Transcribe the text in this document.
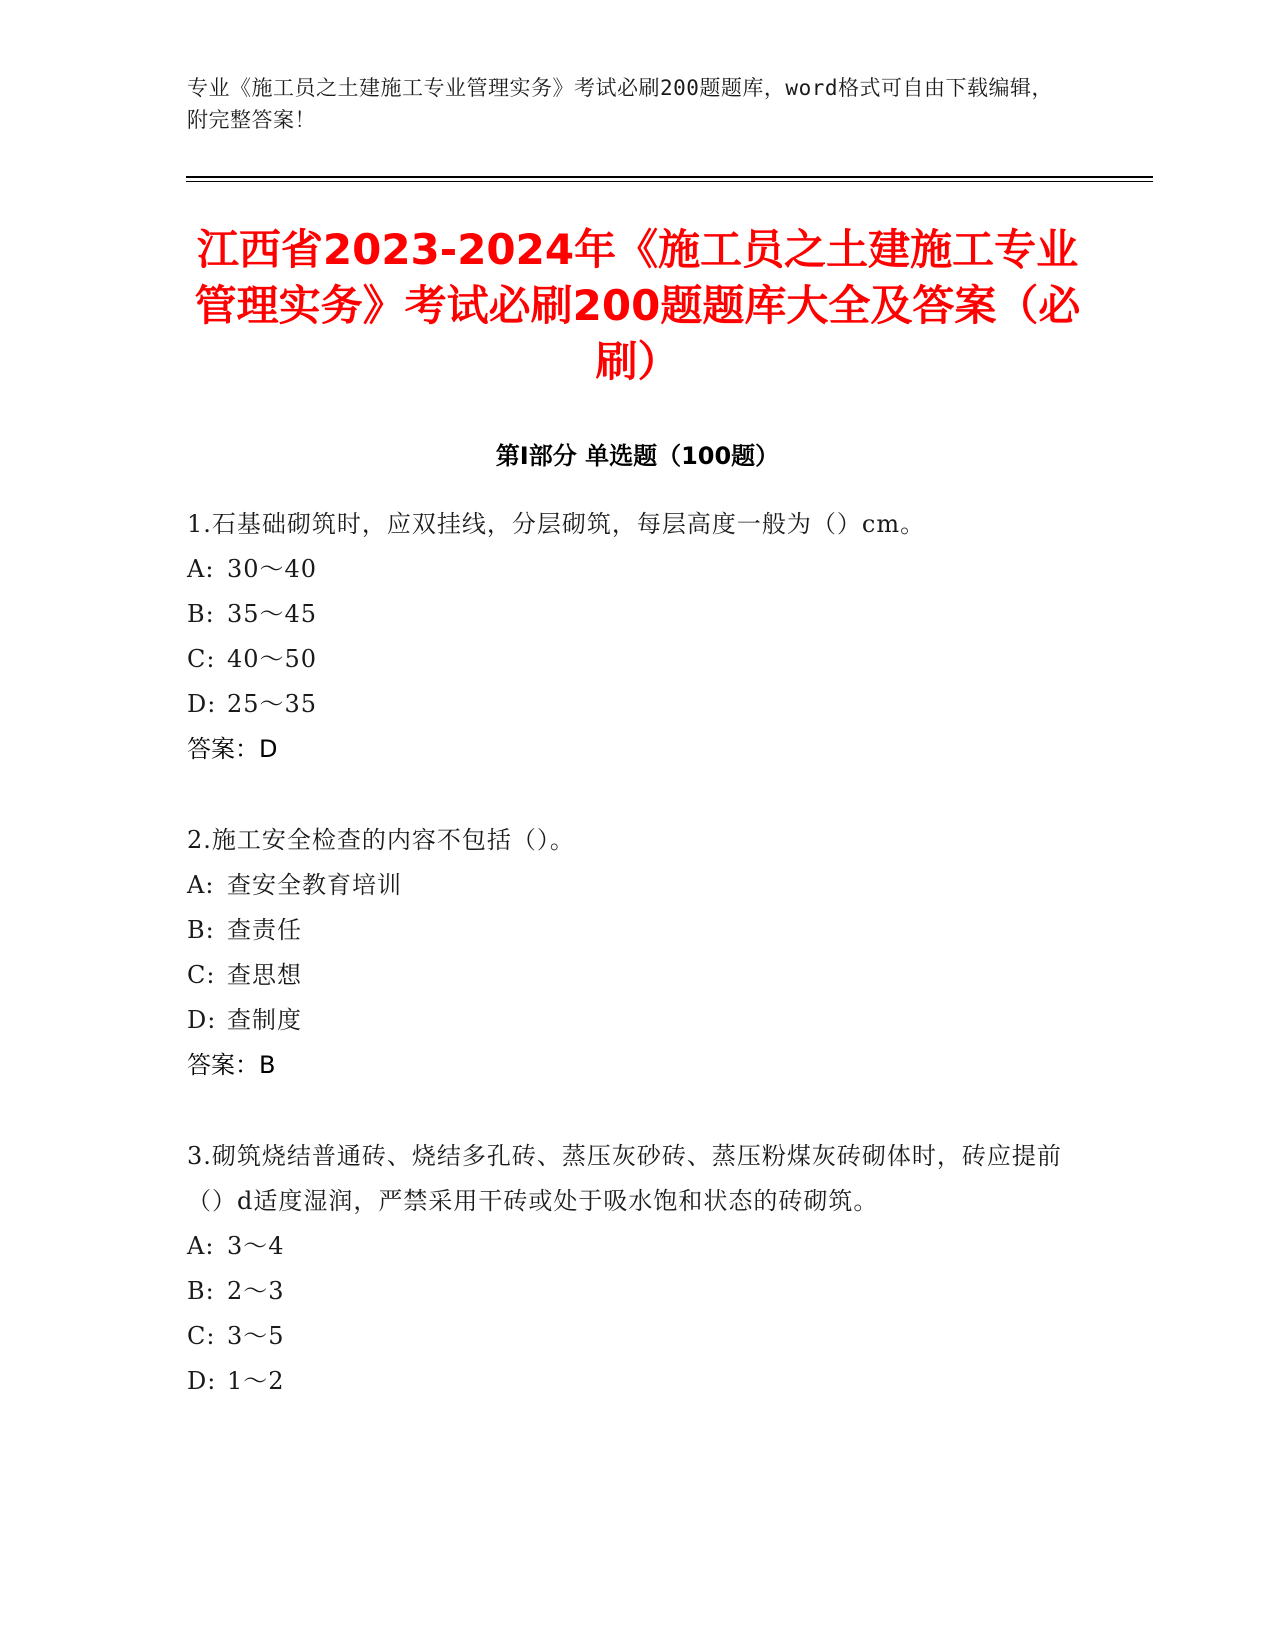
专业《施工员之土建施工专业管理实务》考试必刷200题题库，word格式可自由下载编辑，附完整答案！
江西省2023-2024年《施工员之土建施工专业管理实务》考试必刷200题题库大全及答案（必刷）
第Ⅰ部分 单选题（100题）
1.石基础砌筑时，应双挂线，分层砌筑，每层高度一般为（）cm。
A: 30～40
B: 35～45
C: 40～50
D: 25～35
答案：D
2.施工安全检查的内容不包括（）。
A: 查安全教育培训
B: 查责任
C: 查思想
D: 查制度
答案：B
3.砌筑烧结普通砖、烧结多孔砖、蒸压灰砂砖、蒸压粉煤灰砖砌体时，砖应提前（）d适度湿润，严禁采用干砖或处于吸水饱和状态的砖砌筑。
A: 3～4
B: 2～3
C: 3～5
D: 1～2
